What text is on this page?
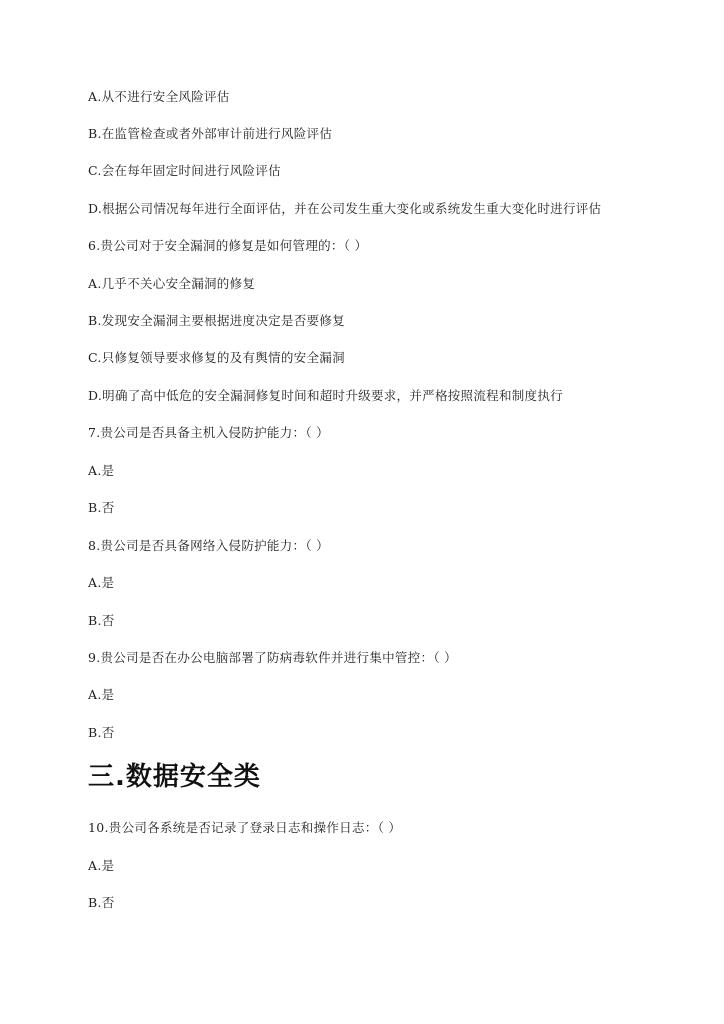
A.从不进行安全风险评估
B.在监管检查或者外部审计前进行风险评估
C.会在每年固定时间进行风险评估
D.根据公司情况每年进行全面评估，并在公司发生重大变化或系统发生重大变化时进行评估
6.贵公司对于安全漏洞的修复是如何管理的：（ ）
A.几乎不关心安全漏洞的修复
B.发现安全漏洞主要根据进度决定是否要修复
C.只修复领导要求修复的及有舆情的安全漏洞
D.明确了高中低危的安全漏洞修复时间和超时升级要求，并严格按照流程和制度执行
7.贵公司是否具备主机入侵防护能力：（ ）
A.是
B.否
8.贵公司是否具备网络入侵防护能力：（ ）
A.是
B.否
9.贵公司是否在办公电脑部署了防病毒软件并进行集中管控：（ ）
A.是
B.否
三.数据安全类
10.贵公司各系统是否记录了登录日志和操作日志：（ ）
A.是
B.否
